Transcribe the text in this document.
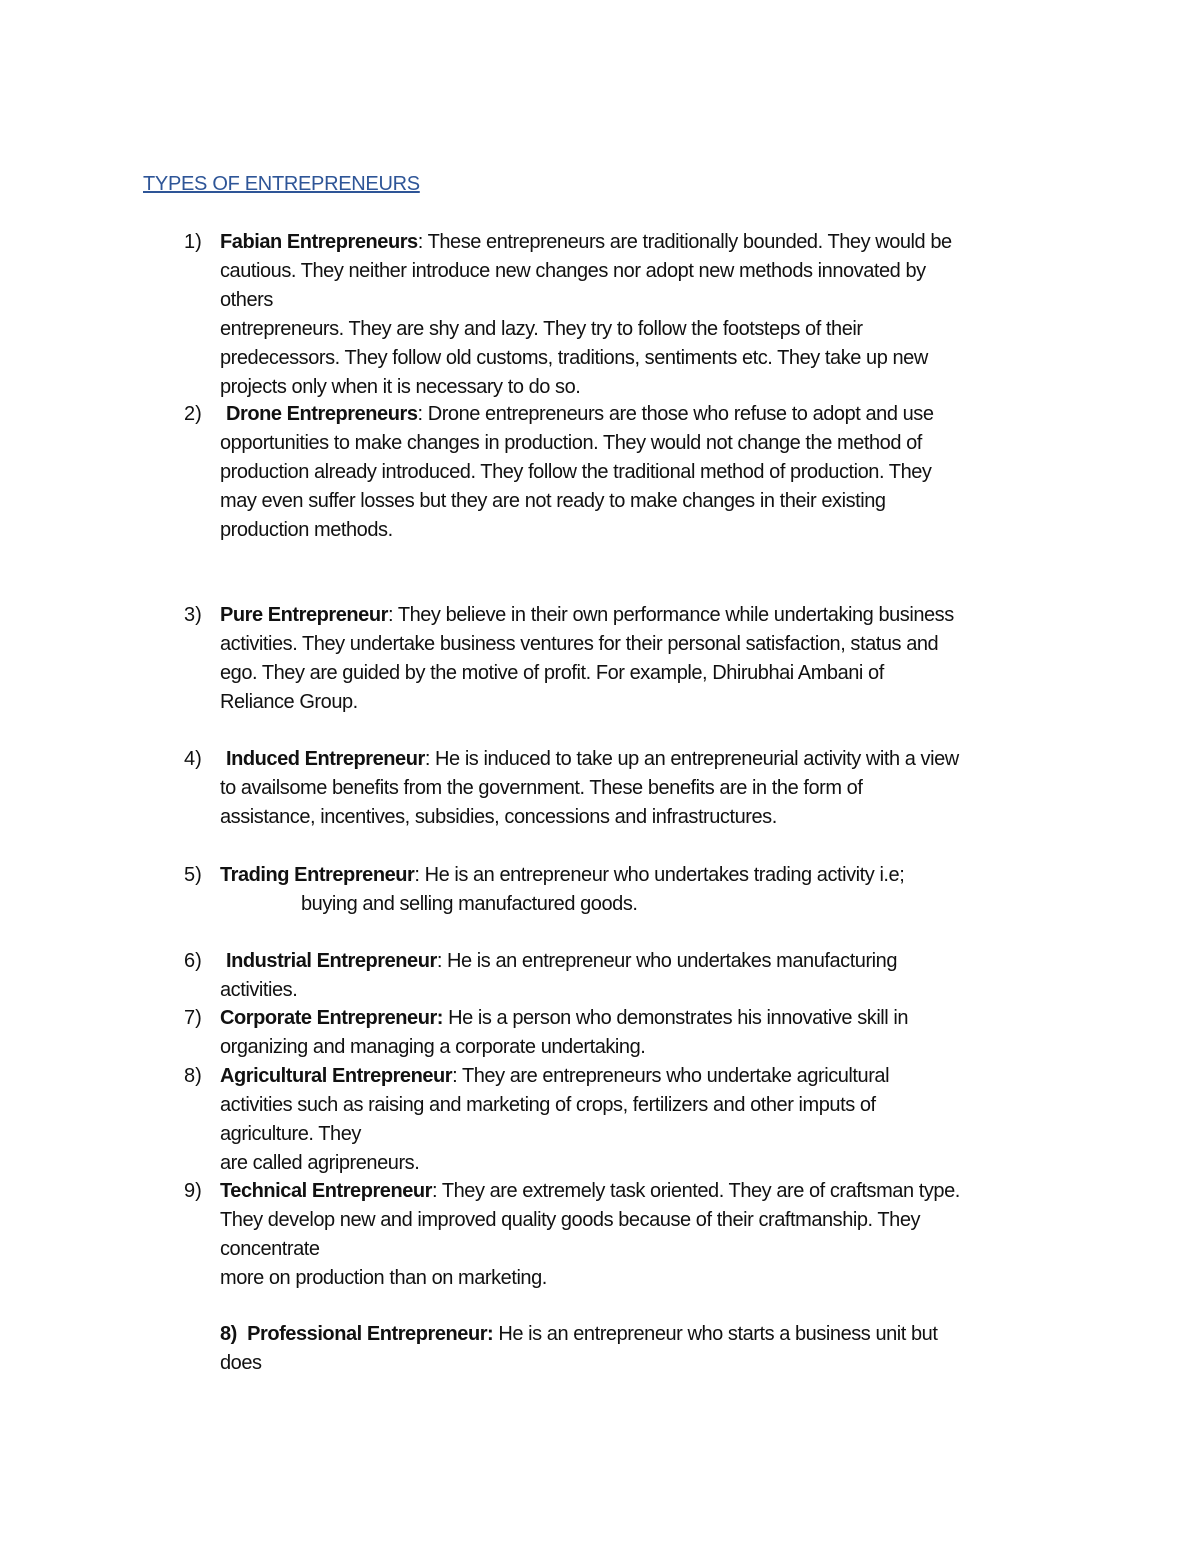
TYPES OF ENTREPRENEURS
1) Fabian Entrepreneurs: These entrepreneurs are traditionally bounded. They would be
cautious. They neither introduce new changes nor adopt new methods innovated by
others
entrepreneurs. They are shy and lazy. They try to follow the footsteps of their
predecessors. They follow old customs, traditions, sentiments etc. They take up new
projects only when it is necessary to do so.
2)	Drone Entrepreneurs: Drone entrepreneurs are those who refuse to adopt and use
opportunities to make changes in production. They would not change the method of
production already introduced. They follow the traditional method of production. They
may even suffer losses but they are not ready to make changes in their existing
production methods.
3) Pure Entrepreneur: They believe in their own performance while undertaking business
activities. They undertake business ventures for their personal satisfaction, status and
ego. They are guided by the motive of profit. For example, Dhirubhai Ambani of
Reliance Group.
4)	Induced Entrepreneur: He is induced to take up an entrepreneurial activity with a view
to availsome benefits from the government. These benefits are in the form of
assistance, incentives, subsidies, concessions and infrastructures.
5) Trading Entrepreneur: He is an entrepreneur who undertakes trading activity i.e;
buying and selling manufactured goods.
6)	Industrial Entrepreneur: He is an entrepreneur who undertakes manufacturing
activities.
7) Corporate Entrepreneur: He is a person who demonstrates his innovative skill in
organizing and managing a corporate undertaking.
8) Agricultural Entrepreneur: They are entrepreneurs who undertake agricultural
activities such as raising and marketing of crops, fertilizers and other imputs of
agriculture. They
are called agripreneurs.
9) Technical Entrepreneur: They are extremely task oriented. They are of craftsman type.
They develop new and improved quality goods because of their craftmanship. They
concentrate
more on production than on marketing.
8) Professional Entrepreneur: He is an entrepreneur who starts a business unit but
does
